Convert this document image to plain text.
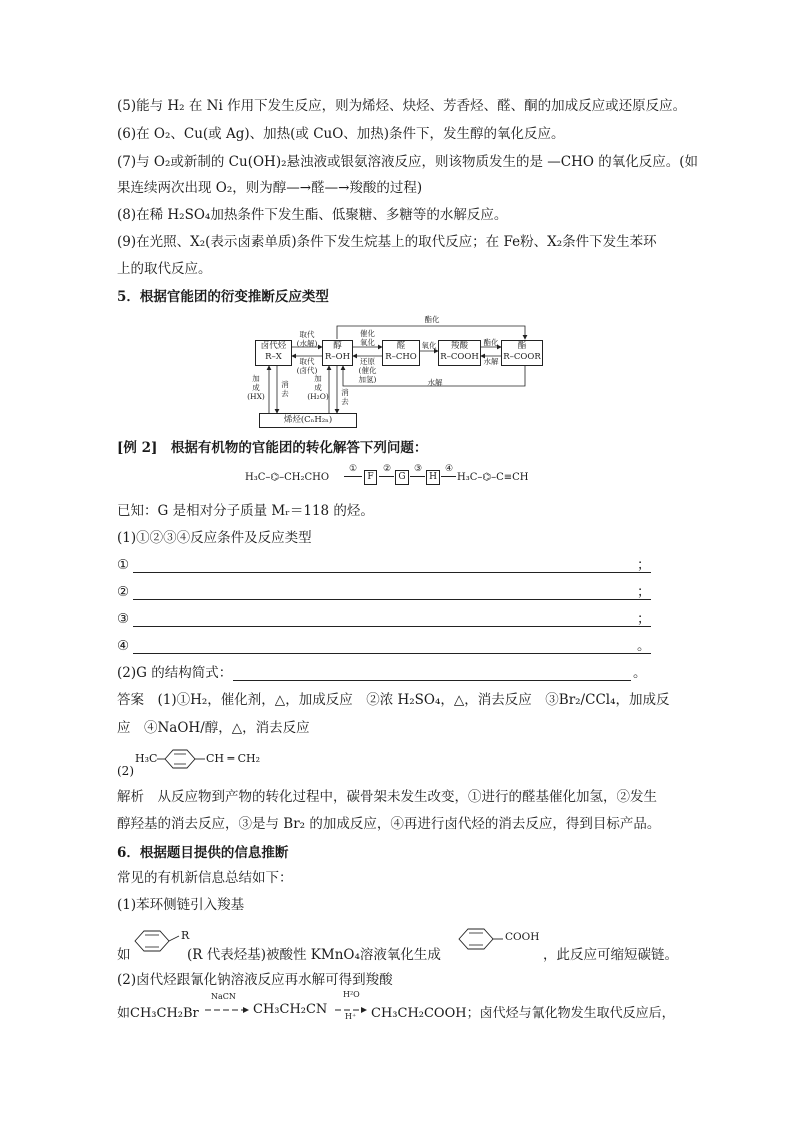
(5)能与 H₂ 在 Ni 作用下发生反应，则为烯烃、炔烃、芳香烃、醛、酮的加成反应或还原反应。
(6)在 O₂、Cu(或 Ag)、加热(或 CuO、加热)条件下，发生醇的氧化反应。
(7)与 O₂或新制的 Cu(OH)₂悬浊液或银氨溶液反应，则该物质发生的是 —CHO 的氧化反应。(如
果连续两次出现 O₂，则为醇—→醛—→羧酸的过程)
(8)在稀 H₂SO₄加热条件下发生酯、低聚糖、多糖等的水解反应。
(9)在光照、X₂(表示卤素单质)条件下发生烷基上的取代反应；在 Fe粉、X₂条件下发生苯环
上的取代反应。
5．根据官能团的衍变推断反应类型
卤代烃
R–X
醇
R–OH
醛
R–CHO
羧酸
R–COOH
酯
R–COOR
烯烃(CₙH₂ₙ)
酯化
取代
(水解)
取代
(卤代)
催化
氧化
还原
(催化
加氢)
氧化	酯化
水解
水解
加
成
(HX)
消
去
加
成
(H₂O)	消
去
[例 2]　根据有机物的官能团的转化解答下列问题：
H₃C–⌬–CH₂CHO
①
F
②
G
③
H
④
H₃C–⌬–C≡CH
已知：G 是相对分子质量 Mᵣ＝118 的烃。
(1)①②③④反应条件及反应类型
①	；
②	；
③	；
④	。
(2)G 的结构简式：	。
答案　(1)①H₂，催化剂，△，加成反应　②浓 H₂SO₄，△，消去反应　③Br₂/CCl₄，加成反
应　④NaOH/醇，△，消去反应
(2)
H₃C	CH ═ CH₂
解析　从反应物到产物的转化过程中，碳骨架未发生改变，①进行的醛基催化加氢，②发生
醇羟基的消去反应，③是与 Br₂ 的加成反应，④再进行卤代烃的消去反应，得到目标产品。
6．根据题目提供的信息推断
常见的有机新信息总结如下：
(1)苯环侧链引入羧基
如
R
(R 代表烃基)被酸性 KMnO₄溶液氧化生成
COOH
，此反应可缩短碳链。
(2)卤代烃跟氰化钠溶液反应再水解可得到羧酸
如CH₃CH₂Br
NaCN
CH₃CH₂CN
H²O
H⁺ CH₃CH₂COOH；卤代烃与氰化物发生取代反应后，
